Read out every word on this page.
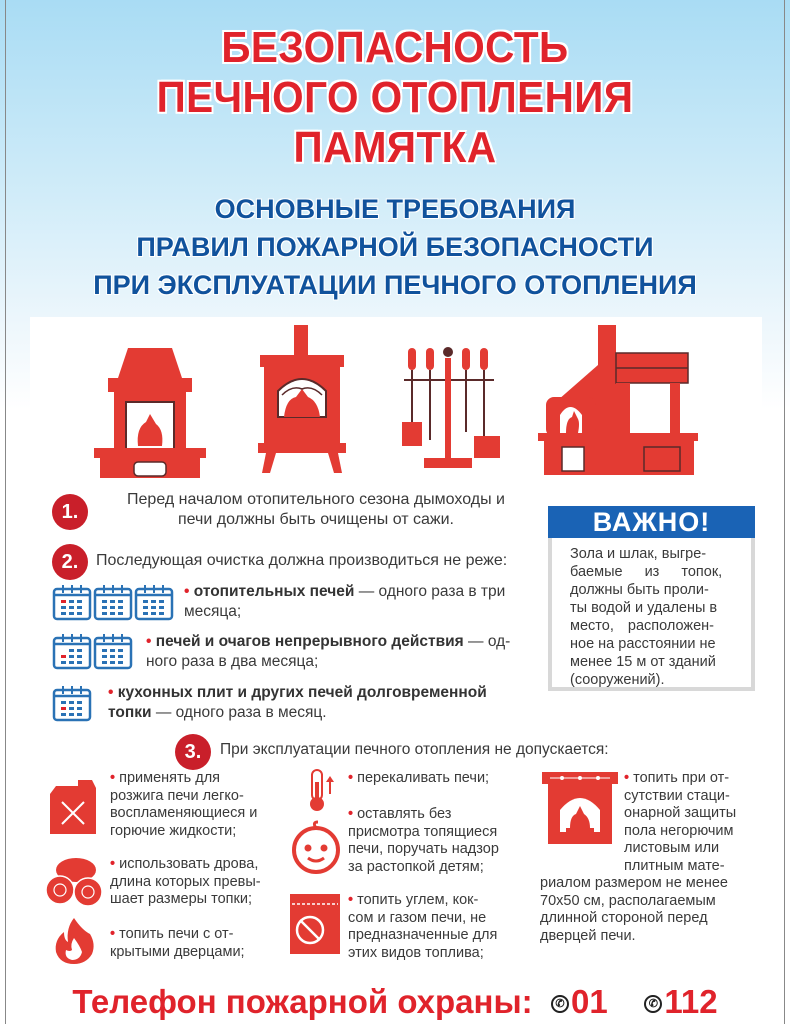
БЕЗОПАСНОСТЬ
ПЕЧНОГО ОТОПЛЕНИЯ
ПАМЯТКА
ОСНОВНЫЕ ТРЕБОВАНИЯ
ПРАВИЛ ПОЖАРНОЙ БЕЗОПАСНОСТИ
ПРИ ЭКСПЛУАТАЦИИ ПЕЧНОГО ОТОПЛЕНИЯ
1.
Перед началом отопительного сезона дымоходы и
печи должны быть очищены от сажи.
2.	Последующая очистка должна производиться не реже:
• отопительных печей — одного раза в три
месяца;
• печей и очагов непрерывного действия — од-
ного раза в два месяца;
• кухонных плит и других печей долговременной
топки — одного раза в месяц.
ВАЖНО!
Зола и шлак, выгре-
баемые из топок,
должны быть проли-
ты водой и удалены в
место, расположен-
ное на расстоянии не
менее 15 м от зданий
(сооружений).
3.	При эксплуатации печного отопления не допускается:
• применять для
розжига печи легко-
воспламеняющиеся и
горючие жидкости;
• использовать дрова,
длина которых превы-
шает размеры топки;
• топить печи с от-
крытыми дверцами;
• перекаливать печи;
• оставлять без
присмотра топящиеся
печи, поручать надзор
за растопкой детям;
• топить углем, кок-
сом и газом печи, не
предназначенные для
этих видов топлива;
• топить при от-
сутствии стаци-
онарной защиты
пола негорючим
листовым или
плитным мате-
риалом размером не менее
70х50 см, располагаемым
длинной стороной перед
дверцей печи.
Телефон пожарной охраны: ✆ 01	✆ 112
